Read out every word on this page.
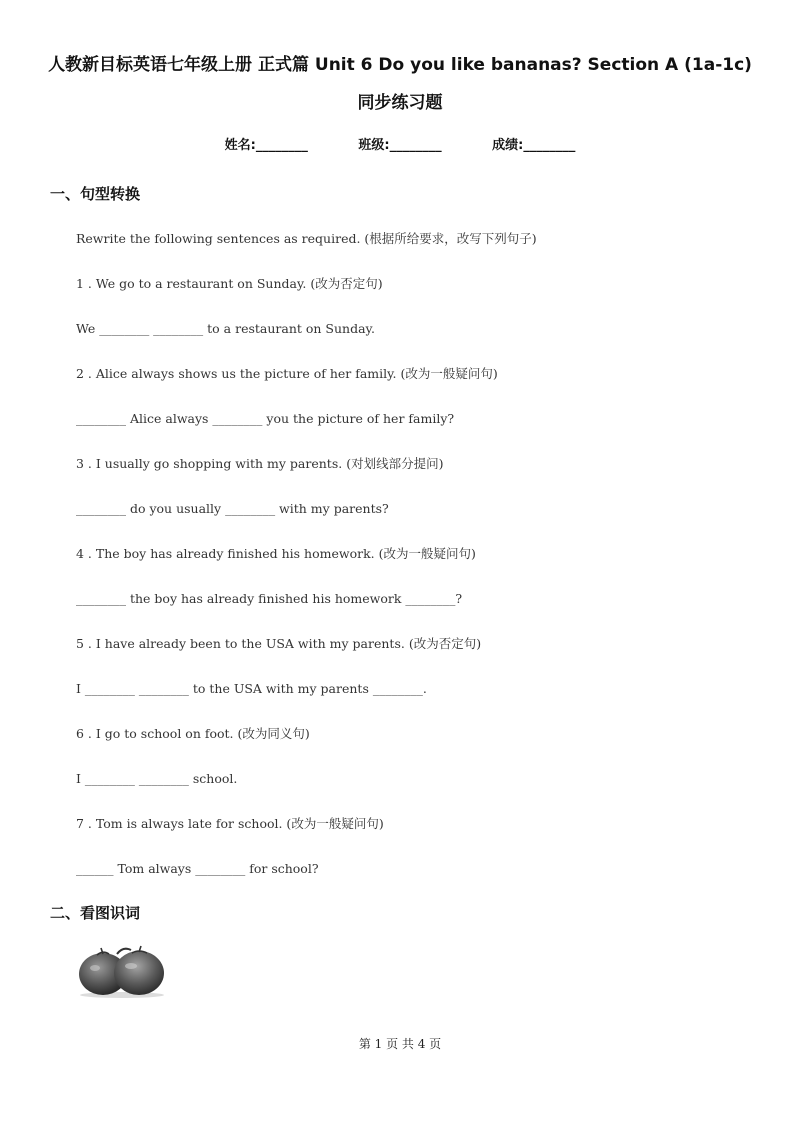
人教新目标英语七年级上册 正式篇 Unit 6 Do you like bananas? Section A (1a-1c) 同步练习题
姓名:________	班级:________	成绩:________
一、句型转换
Rewrite the following sentences as required. (根据所给要求，改写下列句子)
1 . We go to a restaurant on Sunday. (改为否定句)
We ________ ________ to a restaurant on Sunday.
2 . Alice always shows us the picture of her family. (改为一般疑问句)
________ Alice always ________ you the picture of her family?
3 . I usually go shopping with my parents. (对划线部分提问)
________ do you usually ________ with my parents?
4 . The boy has already finished his homework. (改为一般疑问句)
________ the boy has already finished his homework ________?
5 . I have already been to the USA with my parents. (改为否定句)
I ________ ________ to the USA with my parents ________.
6 . I go to school on foot. (改为同义句)
I ________ ________ school.
7 . Tom is always late for school. (改为一般疑问句)
______ Tom always ________ for school?
二、看图识词
第 1 页 共 4 页
